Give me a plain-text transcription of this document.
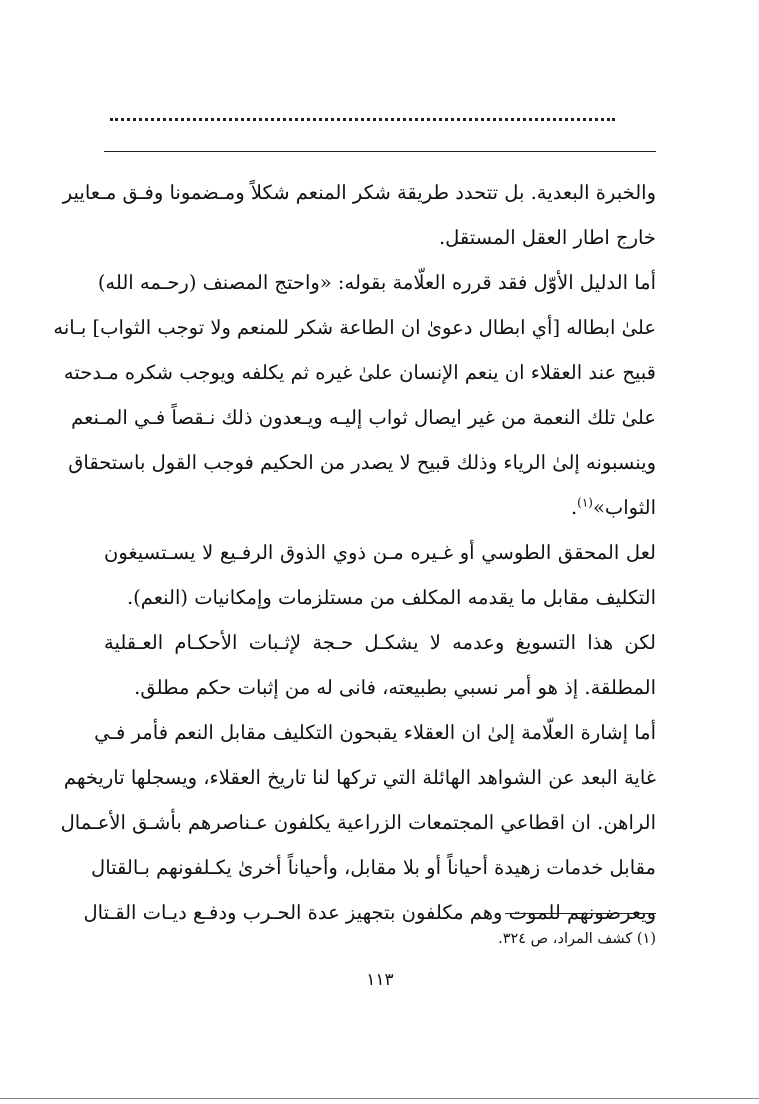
والخبرة البعدية. بل تتحدد طريقة شكر المنعم شكلاً ومـضمونا وفـق مـعايير
خارج اطار العقل المستقل.
أما الدليل الأوّل فقد قرره العلّامة بقوله: «واحتج المصنف (رحـمه الله)
علىٰ ابطاله [أي ابطال دعوىٰ ان الطاعة شكر للمنعم ولا توجب الثواب] بـانه
قبيح عند العقلاء ان ينعم الإنسان علىٰ غيره ثم يكلفه ويوجب شكره مـدحته
علىٰ تلك النعمة من غير ايصال ثواب إليـه ويـعدون ذلك نـقصاً فـي المـنعم
وينسبونه إلىٰ الرياء وذلك قبيح لا يصدر من الحكيم فوجب القول باستحقاق
الثواب»$^{(١)}$.
لعل المحقق الطوسي أو غـيره مـن ذوي الذوق الرفـيع لا يسـتسيغون
التكليف مقابل ما يقدمه المكلف من مستلزمات وإمكانيات (النعم).
لكن هذا التسويغ وعدمه لا يشكـل حـجة لإثـبات الأحكـام العـقلية
المطلقة. إذ هو أمر نسبي بطبيعته، فانى له من إثبات حكم مطلق.
أما إشارة العلّامة إلىٰ ان العقلاء يقبحون التكليف مقابل النعم فأمر فـي
غاية البعد عن الشواهد الهائلة التي تركها لنا تاريخ العقلاء، ويسجلها تاريخهم
الراهن. ان اقطاعي المجتمعات الزراعية يكلفون عـناصرهم بأشـق الأعـمال
مقابل خدمات زهيدة أحياناً أو بلا مقابل، وأحياناً أخرىٰ يكـلفونهم بـالقتال
ويعرضونهم للموت وهم مكلفون بتجهيز عدة الحـرب ودفـع ديـات القـتال
(١) كشف المراد، ص ٣٢٤.
١١٣
